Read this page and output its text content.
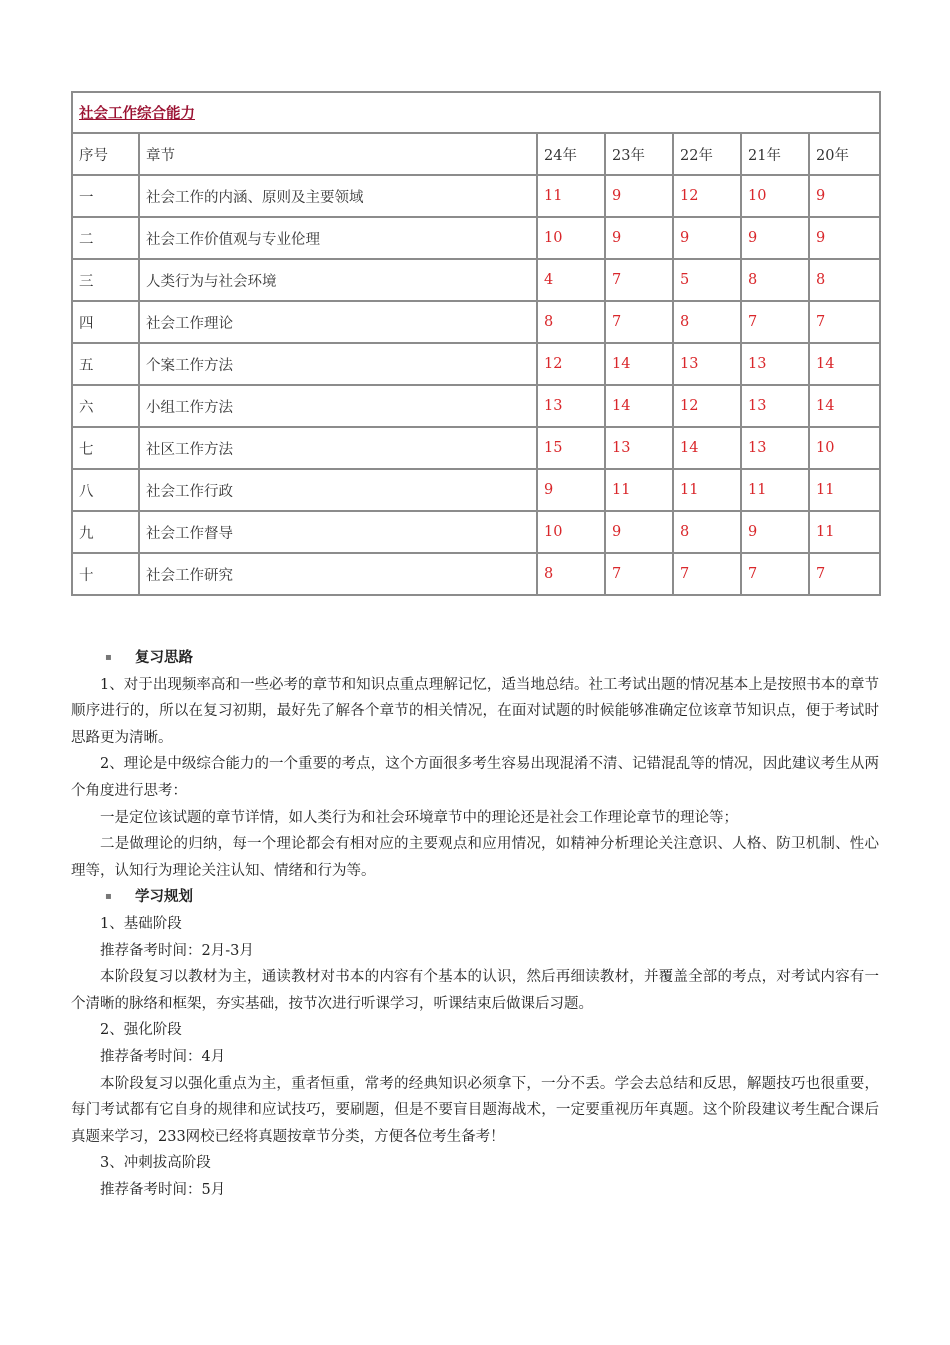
社会工作综合能力						
序号	章节	24年	23年	22年	21年	20年
一	社会工作的内涵、原则及主要领域	11	9	12	10	9
二	社会工作价值观与专业伦理	10	9	9	9	9
三	人类行为与社会环境	4	7	5	8	8
四	社会工作理论	8	7	8	7	7
五	个案工作方法	12	14	13	13	14
六	小组工作方法	13	14	12	13	14
七	社区工作方法	15	13	14	13	10
八	社会工作行政	9	11	11	11	11
九	社会工作督导	10	9	8	9	11
十	社会工作研究	8	7	7	7	7

▪ 复习思路

1、对于出现频率高和一些必考的章节和知识点重点理解记忆，适当地总结。社工考试出题的情况基本上是按照书本的章节顺序进行的，所以在复习初期，最好先了解各个章节的相关情况，在面对试题的时候能够准确定位该章节知识点，便于考试时思路更为清晰。

2、理论是中级综合能力的一个重要的考点，这个方面很多考生容易出现混淆不清、记错混乱等的情况，因此建议考生从两个角度进行思考：

一是定位该试题的章节详情，如人类行为和社会环境章节中的理论还是社会工作理论章节的理论等；

二是做理论的归纳，每一个理论都会有相对应的主要观点和应用情况，如精神分析理论关注意识、人格、防卫机制、性心理等，认知行为理论关注认知、情绪和行为等。

▪ 学习规划

1、基础阶段

推荐备考时间：2月-3月

本阶段复习以教材为主，通读教材对书本的内容有个基本的认识，然后再细读教材，并覆盖全部的考点，对考试内容有一个清晰的脉络和框架，夯实基础，按节次进行听课学习，听课结束后做课后习题。

2、强化阶段

推荐备考时间：4月

本阶段复习以强化重点为主，重者恒重，常考的经典知识必须拿下，一分不丢。学会去总结和反思，解题技巧也很重要，每门考试都有它自身的规律和应试技巧，要刷题，但是不要盲目题海战术，一定要重视历年真题。这个阶段建议考生配合课后真题来学习，233网校已经将真题按章节分类，方便各位考生备考！

3、冲刺拔高阶段

推荐备考时间：5月
